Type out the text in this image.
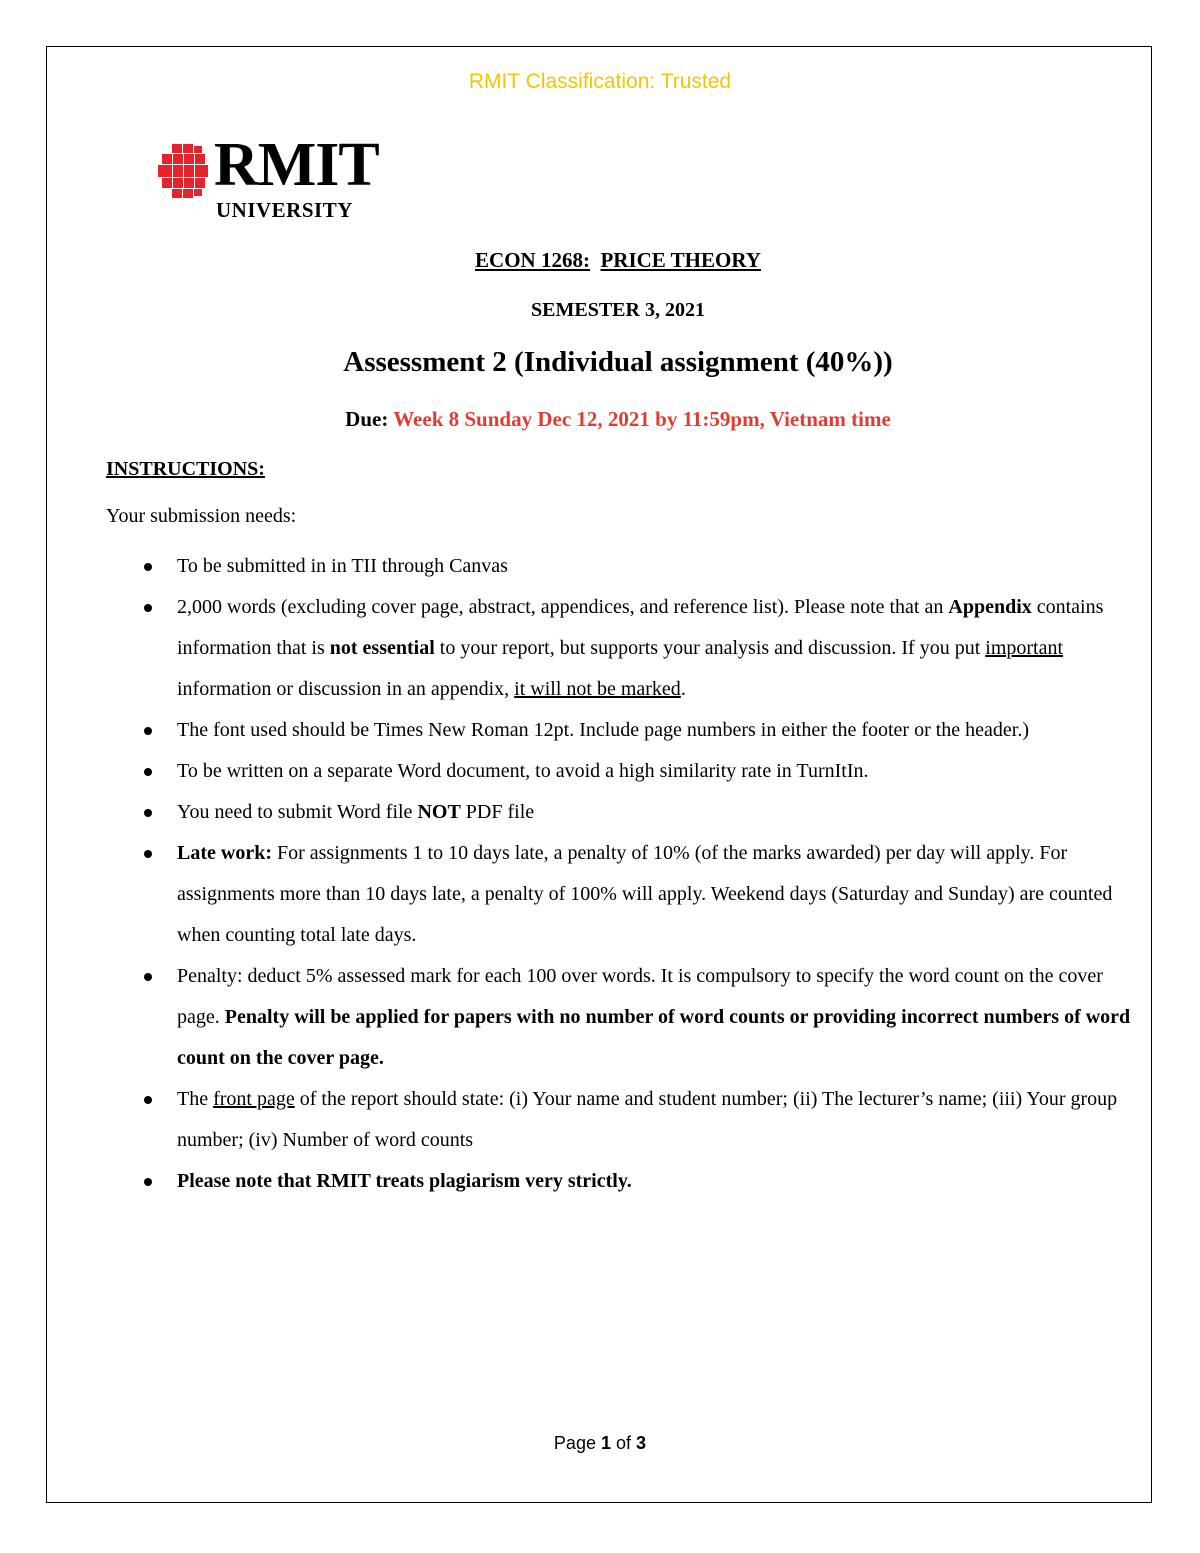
RMIT Classification: Trusted
RMIT
UNIVERSITY
ECON 1268: PRICE THEORY
SEMESTER 3, 2021
Assessment 2 (Individual assignment (40%))
Due: Week 8 Sunday Dec 12, 2021 by 11:59pm, Vietnam time
INSTRUCTIONS:
Your submission needs:
To be submitted in in TII through Canvas
2,000 words (excluding cover page, abstract, appendices, and reference list). Please note that an Appendix contains information that is not essential to your report, but supports your analysis and discussion. If you put important information or discussion in an appendix, it will not be marked.
The font used should be Times New Roman 12pt. Include page numbers in either the footer or the header.)
To be written on a separate Word document, to avoid a high similarity rate in TurnItIn.
You need to submit Word file NOT PDF file
Late work: For assignments 1 to 10 days late, a penalty of 10% (of the marks awarded) per day will apply. For assignments more than 10 days late, a penalty of 100% will apply. Weekend days (Saturday and Sunday) are counted when counting total late days.
Penalty: deduct 5% assessed mark for each 100 over words. It is compulsory to specify the word count on the cover page. Penalty will be applied for papers with no number of word counts or providing incorrect numbers of word count on the cover page.
The front page of the report should state: (i) Your name and student number; (ii) The lecturer’s name; (iii) Your group number; (iv) Number of word counts
Please note that RMIT treats plagiarism very strictly.
Page 1 of 3
